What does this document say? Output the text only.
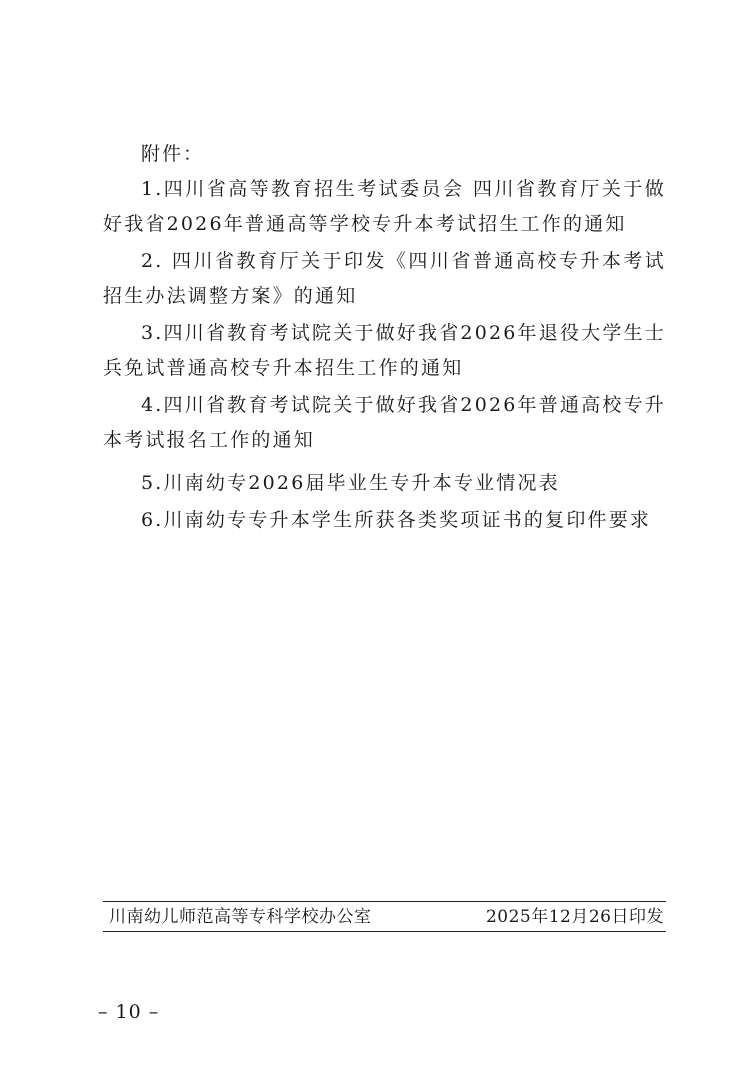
附件：
1.四川省高等教育招生考试委员会 四川省教育厅关于做好我省2026年普通高等学校专升本考试招生工作的通知
2. 四川省教育厅关于印发《四川省普通高校专升本考试招生办法调整方案》的通知
3.四川省教育考试院关于做好我省2026年退役大学生士兵免试普通高校专升本招生工作的通知
4.四川省教育考试院关于做好我省2026年普通高校专升本考试报名工作的通知
5.川南幼专2026届毕业生专升本专业情况表
6.川南幼专专升本学生所获各类奖项证书的复印件要求
川南幼儿师范高等专科学校办公室	2025年12月26日印发
– 10 –
